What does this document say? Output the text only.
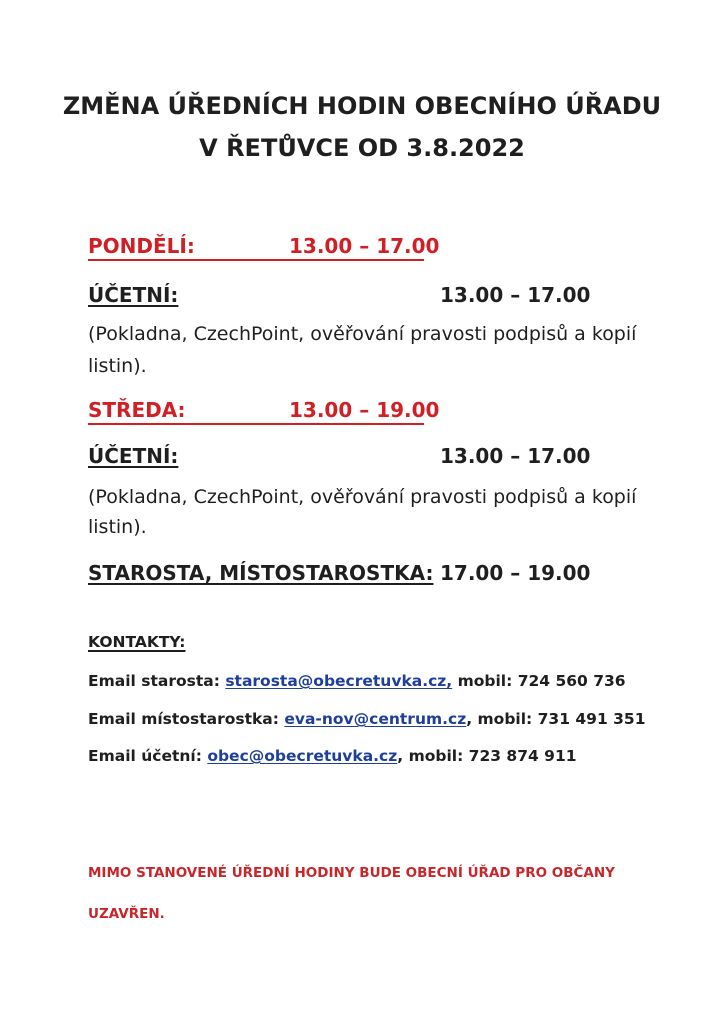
ZMĚNA ÚŘEDNÍCH HODIN OBECNÍHO ÚŘADU
V ŘETŮVCE OD 3.8.2022
PONDĚLÍ:	13.00 – 17.00
ÚČETNÍ:	13.00 – 17.00
(Pokladna, CzechPoint, ověřování pravosti podpisů a kopií
listin).
STŘEDA:	13.00 – 19.00
ÚČETNÍ:	13.00 – 17.00
(Pokladna, CzechPoint, ověřování pravosti podpisů a kopií
listin).
STAROSTA, MÍSTOSTAROSTKA: 17.00 – 19.00
KONTAKTY:
Email starosta: starosta@obecretuvka.cz, mobil: 724 560 736
Email místostarostka: eva-nov@centrum.cz, mobil: 731 491 351
Email účetní: obec@obecretuvka.cz, mobil: 723 874 911
MIMO STANOVENÉ ÚŘEDNÍ HODINY BUDE OBECNÍ ÚŘAD PRO OBČANY
UZAVŘEN.
